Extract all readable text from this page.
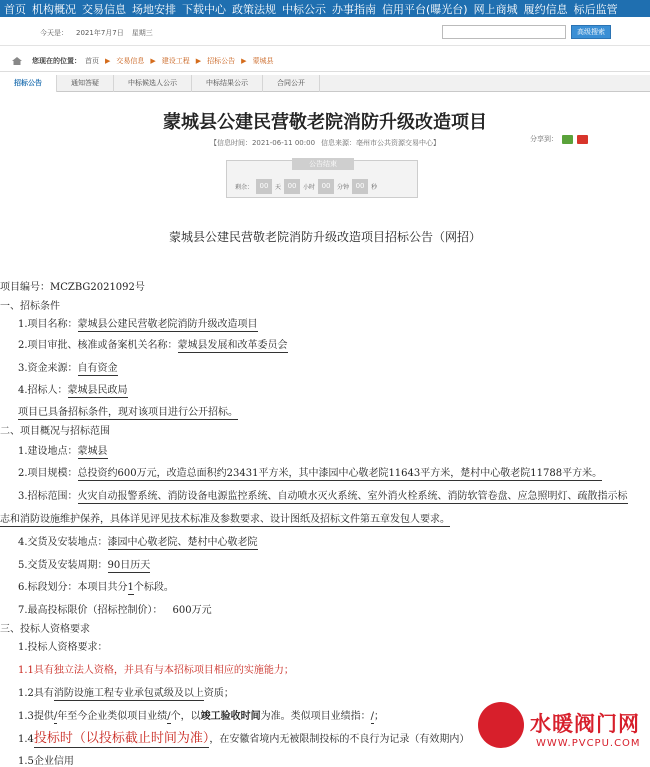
首页 机构概况 交易信息 场地安排 下载中心 政策法规 中标公示 办事指南 信用平台(曝光台) 网上商城 履约信息 标后监管
今天是： 2021年7月7日 星期三	高级搜索
您现在的位置： 首页 ▶ 交易信息 ▶ 建设工程 ▶ 招标公告 ▶ 蒙城县
招标公告	通知答疑	中标候选人公示	中标结果公示	合同公开
蒙城县公建民营敬老院消防升级改造项目
【信息时间：2021-06-11 00:00 信息来源：亳州市公共资源交易中心】	分享到：
公告结束
剩余： 00	天 00	小时 00	分钟 00	秒
蒙城县公建民营敬老院消防升级改造项目招标公告（网招）
项目编号：MCZBG2021092号
一、招标条件
1.项目名称：蒙城县公建民营敬老院消防升级改造项目
2.项目审批、核准或备案机关名称：蒙城县发展和改革委员会
3.资金来源：自有资金
4.招标人：蒙城县民政局
项目已具备招标条件，现对该项目进行公开招标。
二、项目概况与招标范围
1.建设地点：蒙城县
2.项目规模：总投资约600万元，改造总面积约23431平方米，其中漆园中心敬老院11643平方米，楚村中心敬老院11788平方米。
3.招标范围：火灾自动报警系统、消防设备电源监控系统、自动喷水灭火系统、室外消火栓系统、消防软管卷盘、应急照明灯、疏散指示标
志和消防设施维护保养，具体详见评见技术标准及参数要求、设计图纸及招标文件第五章发包人要求。
4.交货及安装地点：漆园中心敬老院、楚村中心敬老院
5.交货及安装周期：90日历天
6.标段划分：本项目共分1个标段。
7.最高投标限价（招标控制价）： 600万元
三、投标人资格要求
1.投标人资格要求：
1.1具有独立法人资格，并具有与本招标项目相应的实施能力；
1.2具有消防设施工程专业承包贰级及以上资质；
1.3提供/年至今企业类似项目业绩/个，以竣工验收时间为准。类似项目业绩指：/；
1.4投标时（以投标截止时间为准），在安徽省境内无被限制投标的不良行为记录（有效期内）
1.5企业信用
水暖阀门网
WWW.PVCPU.COM
